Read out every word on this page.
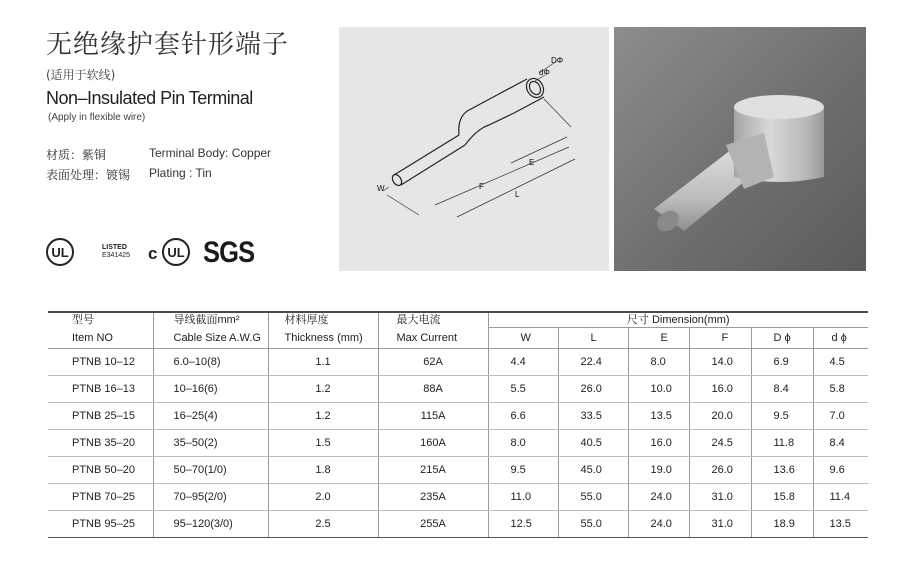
无绝缘护套针形端子
(适用于软线)
Non–Insulated Pin Terminal
(Apply in flexible wire)
材质：紫铜	Terminal Body: Copper
表面处理：镀锡 Plating : Tin
UL	LISTED
E341425 c UL SGS
DΦ
dΦ
E
F
L
W
型号	导线截面mm²	材料厚度	最大电流	尺寸 Dimension(mm)					
Item NO	Cable Size A.W.G	Thickness (mm)	Max Current	W	L	E	F	D ϕ	d ϕ
PTNB 10–12	6.0–10(8)	1.1	62A	4.4	22.4	8.0	14.0	6.9	4.5
PTNB 16–13	10–16(6)	1.2	88A	5.5	26.0	10.0	16.0	8.4	5.8
PTNB 25–15	16–25(4)	1.2	115A	6.6	33.5	13.5	20.0	9.5	7.0
PTNB 35–20	35–50(2)	1.5	160A	8.0	40.5	16.0	24.5	11.8	8.4
PTNB 50–20	50–70(1/0)	1.8	215A	9.5	45.0	19.0	26.0	13.6	9.6
PTNB 70–25	70–95(2/0)	2.0	235A	11.0	55.0	24.0	31.0	15.8	11.4
PTNB 95–25	95–120(3/0)	2.5	255A	12.5	55.0	24.0	31.0	18.9	13.5
